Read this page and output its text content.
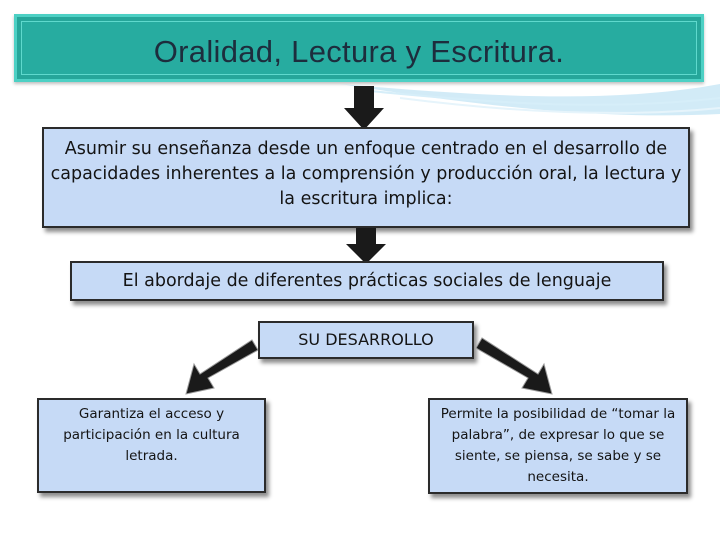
Oralidad, Lectura y Escritura.
Asumir su enseñanza desde un enfoque centrado en el desarrollo de capacidades inherentes a la comprensión y producción oral, la lectura y la escritura implica:
El abordaje de diferentes prácticas sociales de lenguaje
SU DESARROLLO
Garantiza el acceso y participación en la cultura letrada.
Permite la posibilidad de “tomar la palabra”, de expresar lo que se siente, se piensa, se sabe y se necesita.
